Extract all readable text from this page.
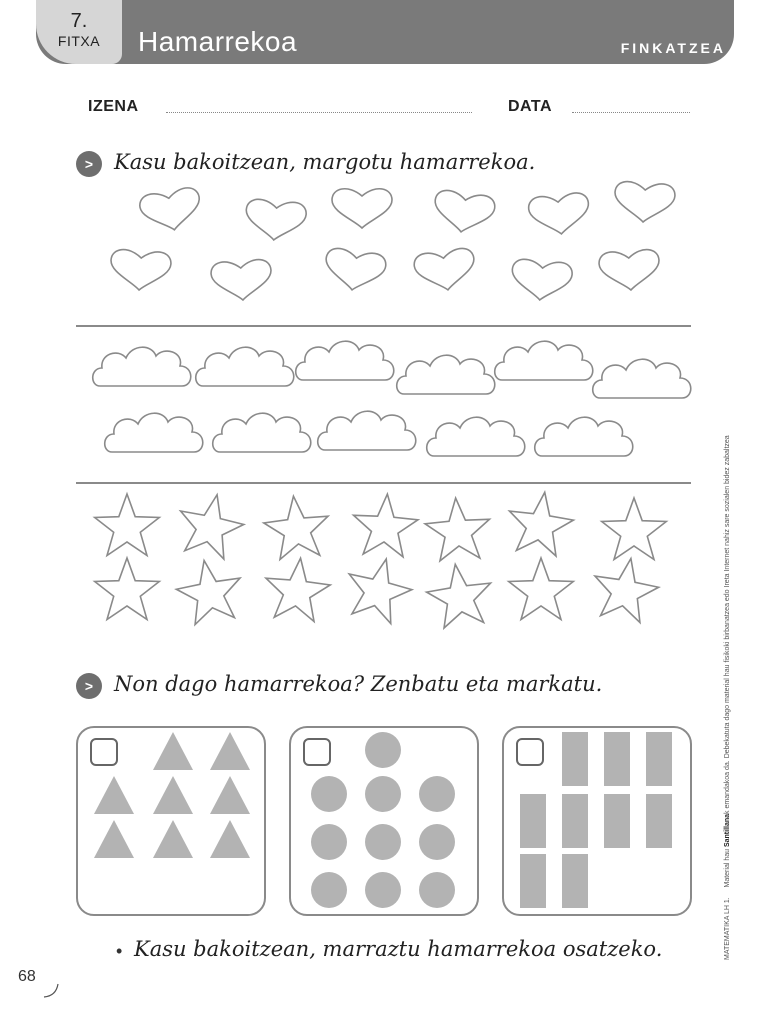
7.
FITXA	Hamarrekoa	FINKATZEA
IZENA	DATA
> Kasu bakoitzean, margotu hamarrekoa.
> Non dago hamarrekoa? Zenbatu eta markatu.
• Kasu bakoitzean, marraztu hamarrekoa osatzeko.
68
MATEMATIKA LH 1.     Material hau Santillanak emandakoa da. Debekatuta dago material hau fisikoki birbanatzea edo Ireta Internet nahiz sare sozialen bidez zabaltzea
